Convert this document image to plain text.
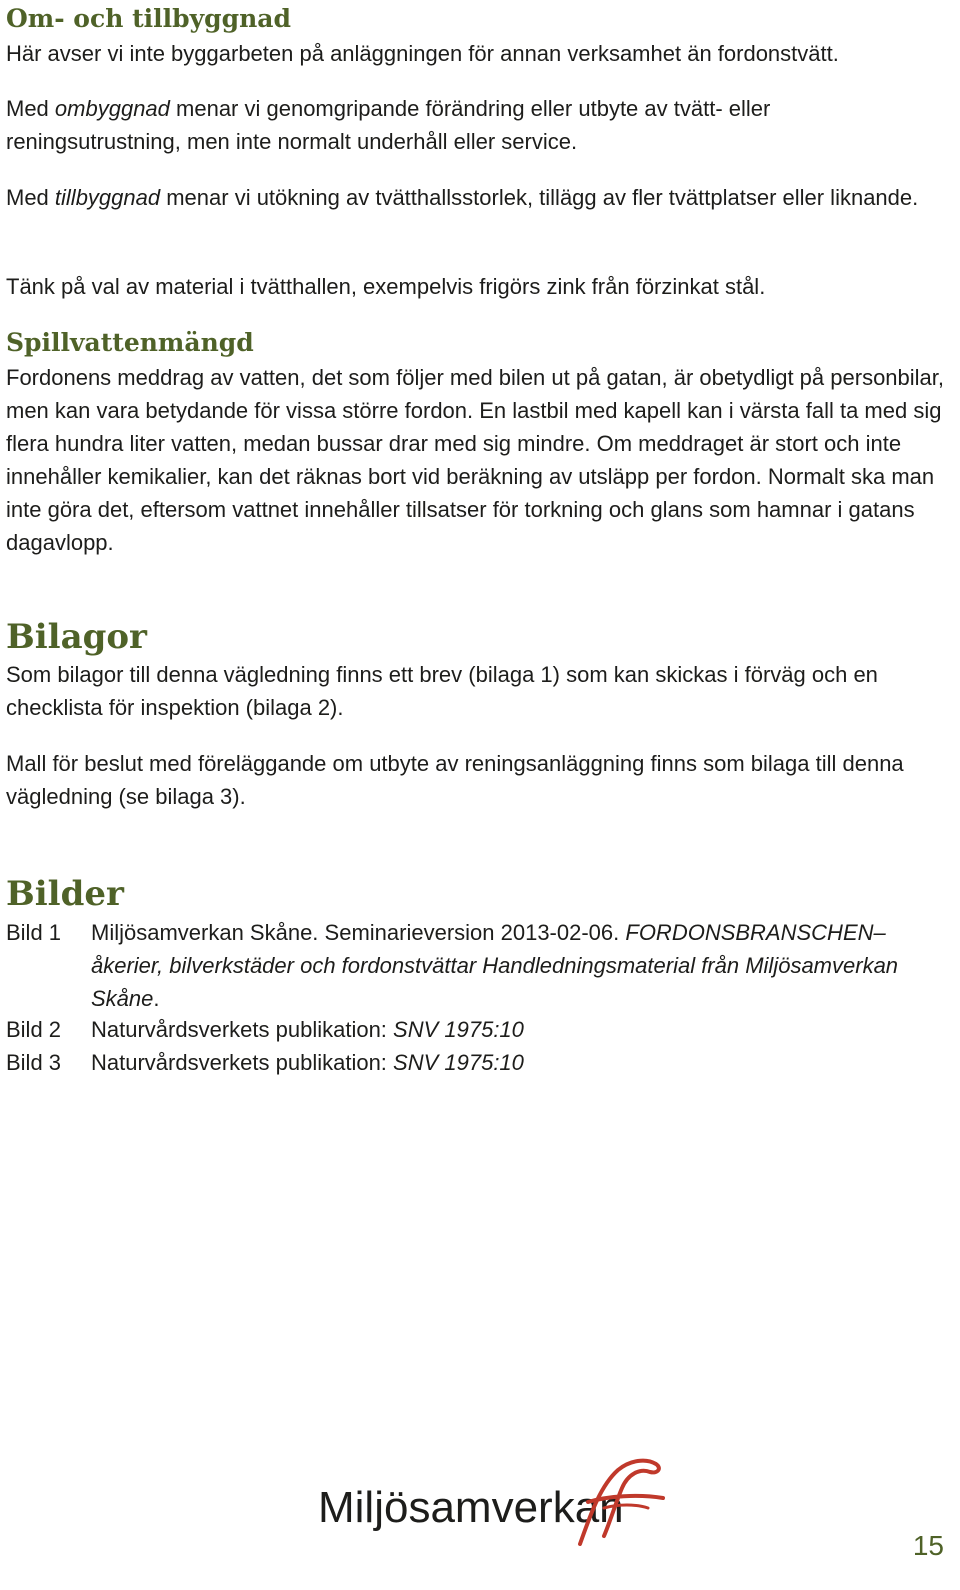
Om- och tillbyggnad

Här avser vi inte byggarbeten på anläggningen för annan verksamhet än fordonstvätt.

Med ombyggnad menar vi genomgripande förändring eller utbyte av tvätt- eller reningsutrustning, men inte normalt underhåll eller service.

Med tillbyggnad menar vi utökning av tvätthallsstorlek, tillägg av fler tvättplatser eller liknande.

Tänk på val av material i tvätthallen, exempelvis frigörs zink från förzinkat stål.

Spillvattenmängd

Fordonens meddrag av vatten, det som följer med bilen ut på gatan, är obetydligt på personbilar, men kan vara betydande för vissa större fordon. En lastbil med kapell kan i värsta fall ta med sig flera hundra liter vatten, medan bussar drar med sig mindre. Om meddraget är stort och inte innehåller kemikalier, kan det räknas bort vid beräkning av utsläpp per fordon. Normalt ska man inte göra det, eftersom vattnet innehåller tillsatser för torkning och glans som hamnar i gatans dagavlopp.

Bilagor

Som bilagor till denna vägledning finns ett brev (bilaga 1) som kan skickas i förväg och en checklista för inspektion (bilaga 2).

Mall för beslut med föreläggande om utbyte av reningsanläggning finns som bilaga till denna vägledning (se bilaga 3).

Bilder
Bild 1 Miljösamverkan Skåne. Seminarieversion 2013-02-06. FORDONSBRANSCHEN– åkerier, bilverkstäder och fordonstvättar Handledningsmaterial från Miljösamverkan Skåne.
Bild 2 Naturvårdsverkets publikation: SNV 1975:10
Bild 3 Naturvårdsverkets publikation: SNV 1975:10
Miljösamverkan
15
